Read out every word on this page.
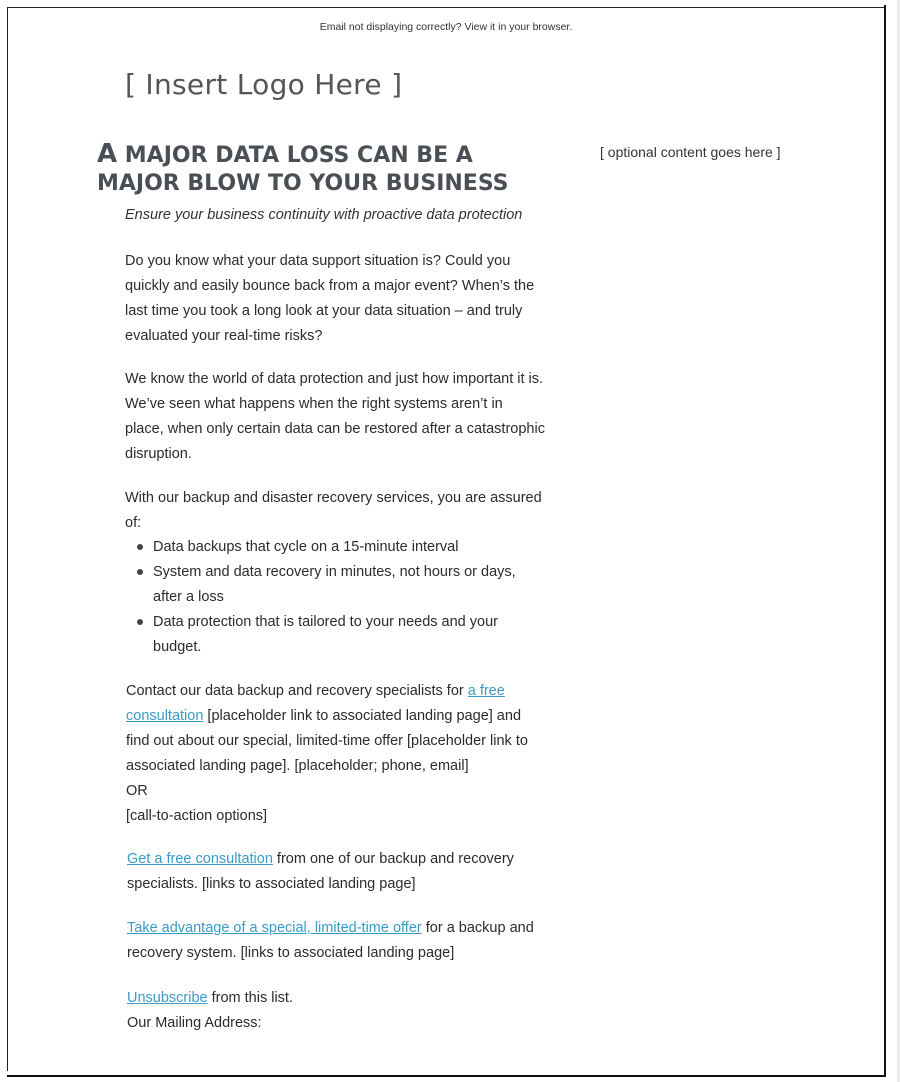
Email not displaying correctly? View it in your browser.
[ Insert Logo Here ]
A MAJOR DATA LOSS CAN BE A MAJOR BLOW TO YOUR BUSINESS
[ optional content goes here ]
Ensure your business continuity with proactive data protection

Do you know what your data support situation is? Could you quickly and easily bounce back from a major event? When’s the last time you took a long look at your data situation – and truly evaluated your real-time risks?

We know the world of data protection and just how important it is. We’ve seen what happens when the right systems aren’t in place, when only certain data can be restored after a catastrophic disruption.

With our backup and disaster recovery services, you are assured of:

Data backups that cycle on a 15-minute interval
System and data recovery in minutes, not hours or days, after a loss
Data protection that is tailored to your needs and your budget.

Contact our data backup and recovery specialists for a free consultation [placeholder link to associated landing page] and find out about our special, limited-time offer [placeholder link to associated landing page]. [placeholder; phone, email]

OR

[call-to-action options]

Get a free consultation from one of our backup and recovery specialists. [links to associated landing page]

Take advantage of a special, limited-time offer for a backup and recovery system. [links to associated landing page]

Unsubscribe from this list.

Our Mailing Address:
